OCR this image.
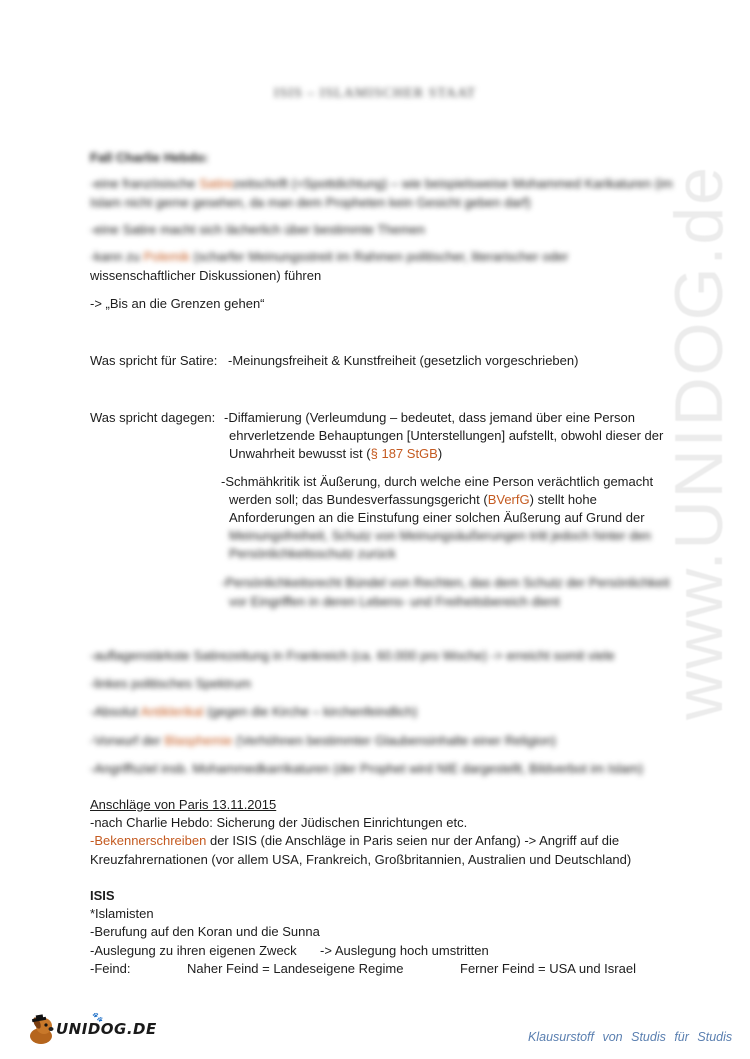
www.UNIDOG.de
ISIS – ISLAMISCHER STAAT
Fall Charlie Hebdo:
-eine französische Satirezeitschrift (=Spottdichtung) – wie beispielsweise Mohammed Karikaturen (im
Islam nicht gerne gesehen, da man dem Propheten kein Gesicht geben darf)
-eine Satire macht sich lächerlich über bestimmte Themen
-kann zu Polemik (scharfer Meinungsstreit im Rahmen politischer, literarischer oder
wissenschaftlicher Diskussionen) führen
-> „Bis an die Grenzen gehen“
Was spricht für Satire: -Meinungsfreiheit & Kunstfreiheit (gesetzlich vorgeschrieben)
Was spricht dagegen: -Diffamierung (Verleumdung – bedeutet, dass jemand über eine Person
ehrverletzende Behauptungen [Unterstellungen] aufstellt, obwohl dieser der
Unwahrheit bewusst ist (§ 187 StGB)
-Schmähkritik ist Äußerung, durch welche eine Person verächtlich gemacht
werden soll; das Bundesverfassungsgericht (BVerfG) stellt hohe
Anforderungen an die Einstufung einer solchen Äußerung auf Grund der
Meinungsfreiheit, Schutz von Meinungsäußerungen tritt jedoch hinter den
Persönlichkeitsschutz zurück
-Persönlichkeitsrecht Bündel von Rechten, das dem Schutz der Persönlichkeit
vor Eingriffen in deren Lebens- und Freiheitsbereich dient
-auflagenstärkste Satirezeitung in Frankreich (ca. 60.000 pro Woche) -> erreicht somit viele
-linkes politisches Spektrum
-Absolut Antiklerikal (gegen die Kirche – kirchenfeindlich)
-Vorwurf der Blasphemie (Verhöhnen bestimmter Glaubensinhalte einer Religion)
-Angriffsziel insb. Mohammedkarrikaturen (der Prophet wird NIE dargestellt, Bildverbot im Islam)
Anschläge von Paris 13.11.2015
-nach Charlie Hebdo: Sicherung der Jüdischen Einrichtungen etc.
-Bekennerschreiben der ISIS (die Anschläge in Paris seien nur der Anfang) -> Angriff auf die
Kreuzfahrernationen (vor allem USA, Frankreich, Großbritannien, Australien und Deutschland)
ISIS
*Islamisten
-Berufung auf den Koran und die Sunna
-Auslegung zu ihren eigenen Zweck -> Auslegung hoch umstritten
-Feind:	Naher Feind = Landeseigene Regime	Ferner Feind = USA und Israel
UNIDOG.DE
🐾
Klausurstoff von Studis für Studis
